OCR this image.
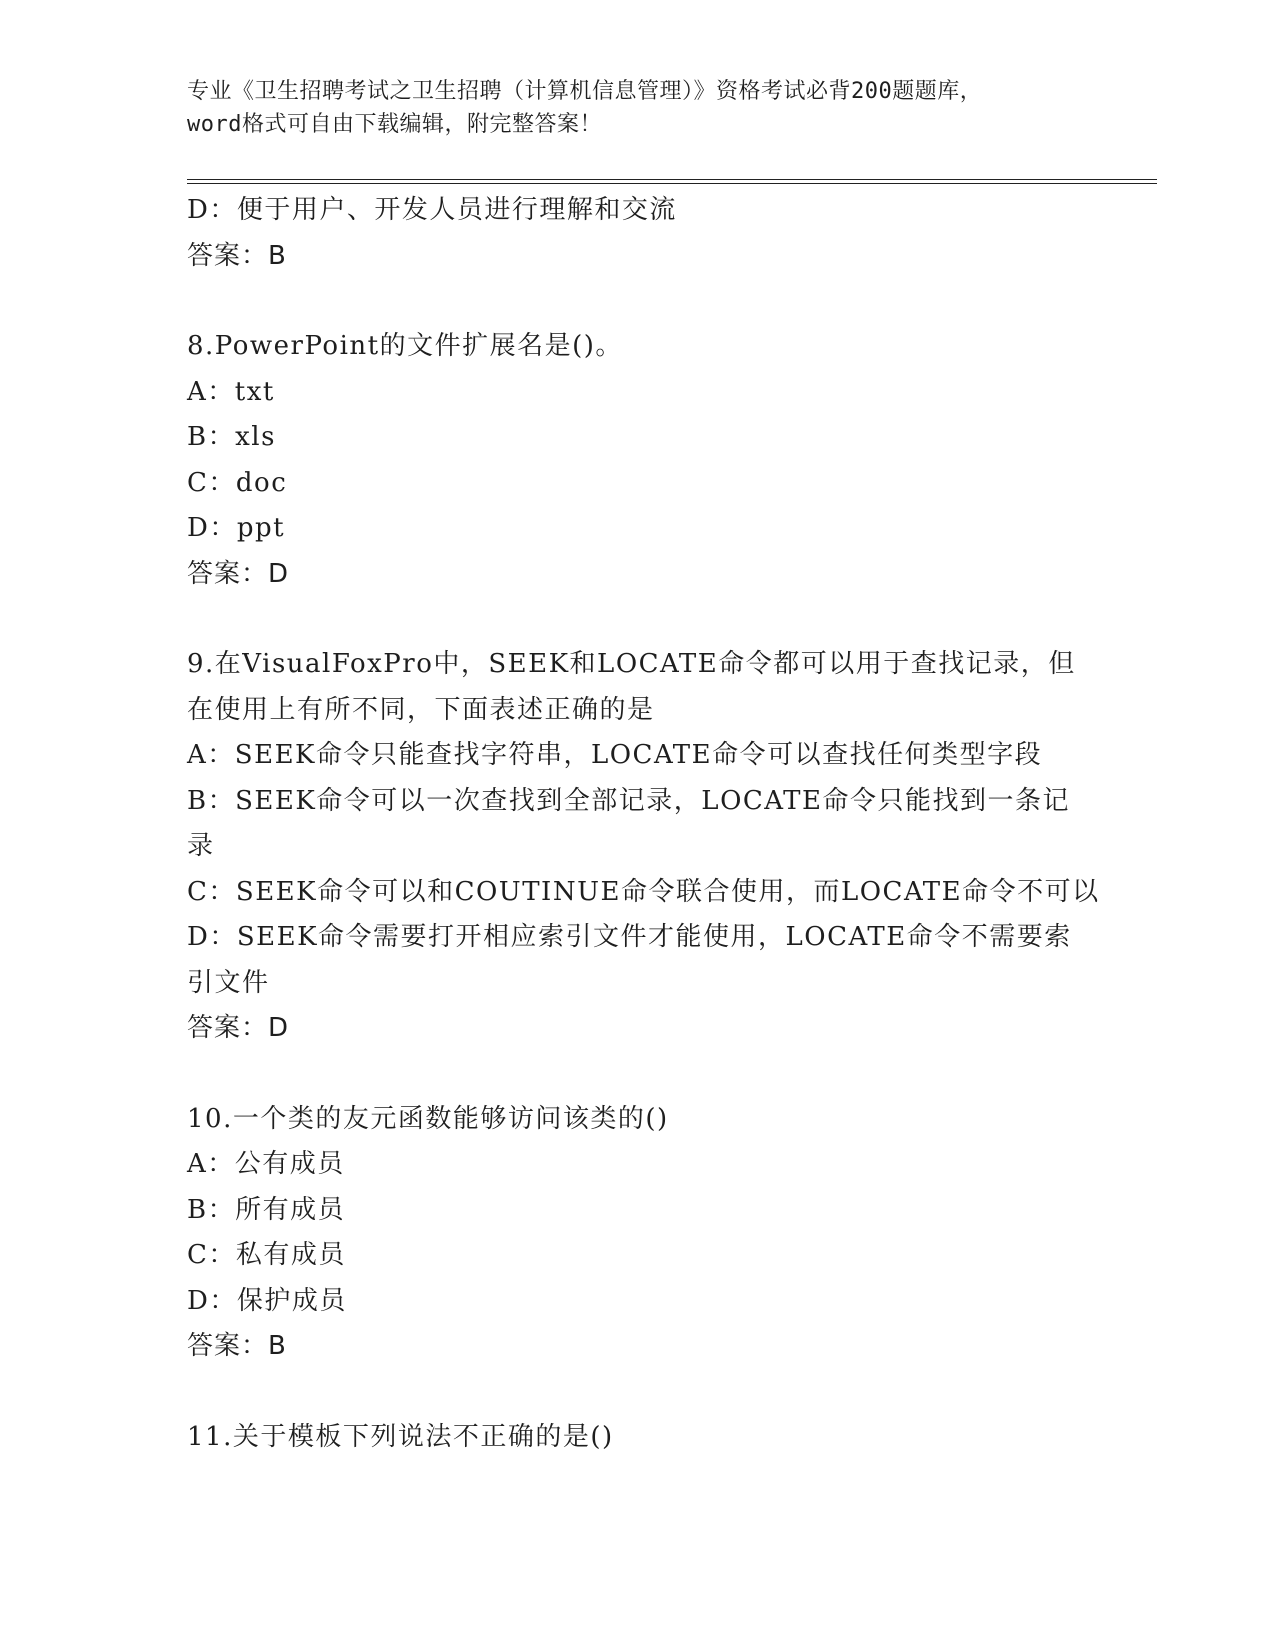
专业《卫生招聘考试之卫生招聘（计算机信息管理）》资格考试必背200题题库，
word格式可自由下载编辑，附完整答案！
D：便于用户、开发人员进行理解和交流
答案：B
8.PowerPoint的文件扩展名是()。
A：txt
B：xls
C：doc
D：ppt
答案：D
9.在VisualFoxPro中，SEEK和LOCATE命令都可以用于查找记录，但
在使用上有所不同，下面表述正确的是
A：SEEK命令只能查找字符串，LOCATE命令可以查找任何类型字段
B：SEEK命令可以一次查找到全部记录，LOCATE命令只能找到一条记
录
C：SEEK命令可以和COUTINUE命令联合使用，而LOCATE命令不可以
D：SEEK命令需要打开相应索引文件才能使用，LOCATE命令不需要索
引文件
答案：D
10.一个类的友元函数能够访问该类的()
A：公有成员
B：所有成员
C：私有成员
D：保护成员
答案：B
11.关于模板下列说法不正确的是()
